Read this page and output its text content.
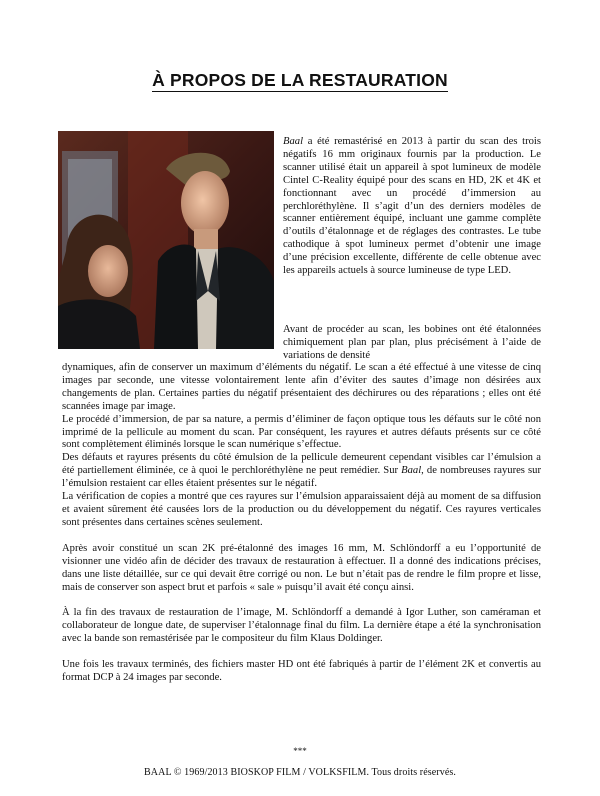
À PROPOS DE LA RESTAURATION
Baal a été remastérisé en 2013 à partir du scan des trois négatifs 16 mm originaux fournis par la production. Le scanner utilisé était un appareil à spot lumineux de modèle Cintel C-Reality équipé pour des scans en HD, 2K et 4K et fonctionnant avec un procédé d’immersion au perchloréthylène. Il s’agit d’un des derniers modèles de scanner entièrement équipé, incluant une gamme complète d’outils d’étalonnage et de réglages des contrastes. Le tube cathodique à spot lumineux permet d’obtenir une image d’une précision excellente, différente de celle obtenue avec les appareils actuels à source lumineuse de type LED.
Avant de procéder au scan, les bobines ont été étalonnées chimiquement plan par plan, plus précisément à l’aide de variations de densité

dynamiques, afin de conserver un maximum d’éléments du négatif. Le scan a été effectué à une vitesse de cinq images par seconde, une vitesse volontairement lente afin d’éviter des sautes d’image non désirées aux changements de plan. Certaines parties du négatif présentaient des déchirures ou des réparations ; elles ont été scannées image par image.

Le procédé d’immersion, de par sa nature, a permis d’éliminer de façon optique tous les défauts sur le côté non imprimé de la pellicule au moment du scan. Par conséquent, les rayures et autres défauts présents sur ce côté sont complètement éliminés lorsque le scan numérique s’effectue.

Des défauts et rayures présents du côté émulsion de la pellicule demeurent cependant visibles car l’émulsion a été partiellement éliminée, ce à quoi le perchloréthylène ne peut remédier. Sur Baal, de nombreuses rayures sur l’émulsion restaient car elles étaient présentes sur le négatif.

La vérification de copies a montré que ces rayures sur l’émulsion apparaissaient déjà au moment de sa diffusion et avaient sûrement été causées lors de la production ou du développement du négatif. Ces rayures verticales sont présentes dans certaines scènes seulement.

Après avoir constitué un scan 2K pré-étalonné des images 16 mm, M. Schlöndorff a eu l’opportunité de visionner une vidéo afin de décider des travaux de restauration à effectuer. Il a donné des indications précises, dans une liste détaillée, sur ce qui devait être corrigé ou non. Le but n’était pas de rendre le film propre et lisse, mais de conserver son aspect brut et parfois « sale » puisqu’il avait été conçu ainsi.

À la fin des travaux de restauration de l’image, M. Schlöndorff a demandé à Igor Luther, son caméraman et collaborateur de longue date, de superviser l’étalonnage final du film. La dernière étape a été la synchronisation avec la bande son remastérisée par le compositeur du film Klaus Doldinger.

Une fois les travaux terminés, des fichiers master HD ont été fabriqués à partir de l’élément 2K et convertis au format DCP à 24 images par seconde.

***
BAAL © 1969/2013 BIOSKOP FILM / VOLKSFILM. Tous droits réservés.
